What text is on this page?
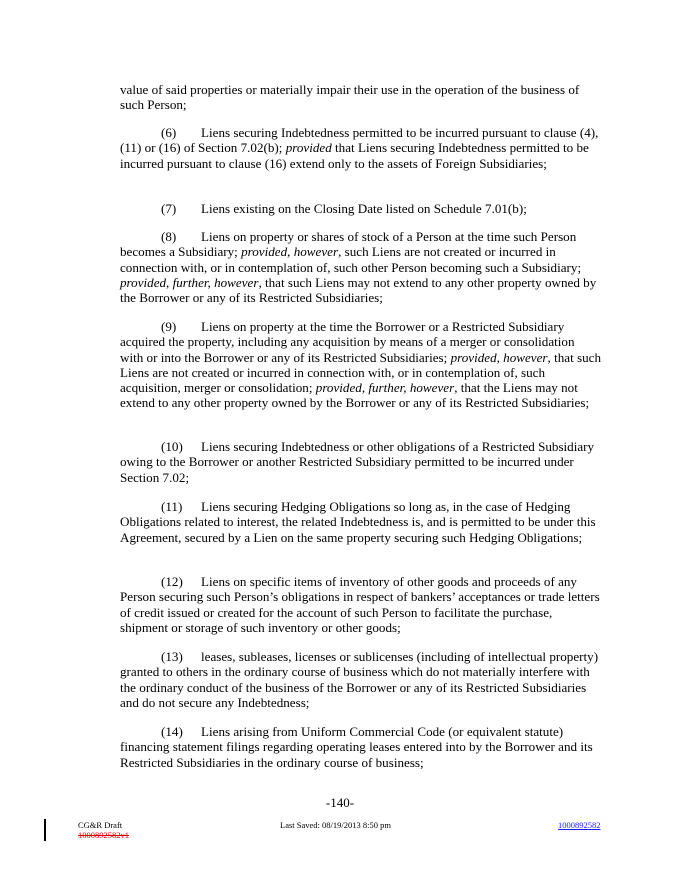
value of said properties or materially impair their use in the operation of the business of such Person;

(6) Liens securing Indebtedness permitted to be incurred pursuant to clause (4), (11) or (16) of Section 7.02(b); provided that Liens securing Indebtedness permitted to be incurred pursuant to clause (16) extend only to the assets of Foreign Subsidiaries;

(7) Liens existing on the Closing Date listed on Schedule 7.01(b);

(8) Liens on property or shares of stock of a Person at the time such Person becomes a Subsidiary; provided, however, such Liens are not created or incurred in connection with, or in contemplation of, such other Person becoming such a Subsidiary; provided, further, however, that such Liens may not extend to any other property owned by the Borrower or any of its Restricted Subsidiaries;

(9) Liens on property at the time the Borrower or a Restricted Subsidiary acquired the property, including any acquisition by means of a merger or consolidation with or into the Borrower or any of its Restricted Subsidiaries; provided, however, that such Liens are not created or incurred in connection with, or in contemplation of, such acquisition, merger or consolidation; provided, further, however, that the Liens may not extend to any other property owned by the Borrower or any of its Restricted Subsidiaries;

(10) Liens securing Indebtedness or other obligations of a Restricted Subsidiary owing to the Borrower or another Restricted Subsidiary permitted to be incurred under Section 7.02;

(11) Liens securing Hedging Obligations so long as, in the case of Hedging Obligations related to interest, the related Indebtedness is, and is permitted to be under this Agreement, secured by a Lien on the same property securing such Hedging Obligations;

(12) Liens on specific items of inventory of other goods and proceeds of any Person securing such Person’s obligations in respect of bankers’ acceptances or trade letters of credit issued or created for the account of such Person to facilitate the purchase, shipment or storage of such inventory or other goods;

(13) leases, subleases, licenses or sublicenses (including of intellectual property) granted to others in the ordinary course of business which do not materially interfere with the ordinary conduct of the business of the Borrower or any of its Restricted Subsidiaries and do not secure any Indebtedness;

(14) Liens arising from Uniform Commercial Code (or equivalent statute) financing statement filings regarding operating leases entered into by the Borrower and its Restricted Subsidiaries in the ordinary course of business;

-140-
CG&R Draft
1000892582v1
Last Saved: 08/19/2013 8:50 pm	1000892582
